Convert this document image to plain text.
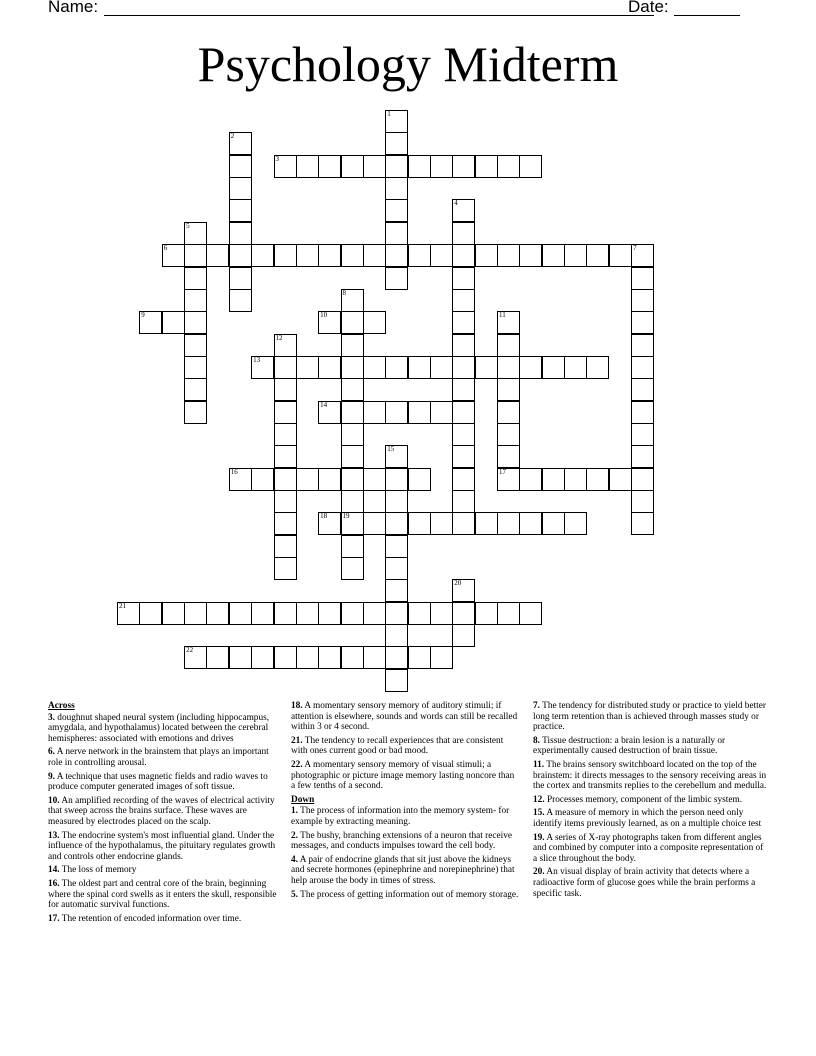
Name:	Date:
Psychology Midterm
1
2
3
4
5
6	7
8
19
9	10	11
12
13
14
15
16	17
18
20
21
22
Across
3. doughnut shaped neural system (including hippocampus, amygdala, and hypothalamus) located between the cerebral hemispheres: associated with emotions and drives
6. A nerve network in the brainstem that plays an important role in controlling arousal.
9. A technique that uses magnetic fields and radio waves to produce computer generated images of soft tissue.
10. An amplified recording of the waves of electrical activity that sweep across the brains surface. These waves are measured by electrodes placed on the scalp.
13. The endocrine system's most influential gland. Under the influence of the hypothalamus, the pituitary regulates growth and controls other endocrine glands.
14. The loss of memory
16. The oldest part and central core of the brain, beginning where the spinal cord swells as it enters the skull, responsible for automatic survival functions.
17. The retention of encoded information over time.
18. A momentary sensory memory of auditory stimuli; if attention is elsewhere, sounds and words can still be recalled within 3 or 4 second.
21. The tendency to recall experiences that are consistent with ones current good or bad mood.
22. A momentary sensory memory of visual stimuli; a photographic or picture image memory lasting noncore than a few tenths of a second.
Down
1. The process of information into the memory system- for example by extracting meaning.
2. The bushy, branching extensions of a neuron that receive messages, and conducts impulses toward the cell body.
4. A pair of endocrine glands that sit just above the kidneys and secrete hormones (epinephrine and norepinephrine) that help arouse the body in times of stress.
5. The process of getting information out of memory storage.
7. The tendency for distributed study or practice to yield better long term retention than is achieved through masses study or practice.
8. Tissue destruction: a brain lesion is a naturally or experimentally caused destruction of brain tissue.
11. The brains sensory switchboard located on the top of the brainstem: it directs messages to the sensory receiving areas in the cortex and transmits replies to the cerebellum and medulla.
12. Processes memory, component of the limbic system.
15. A measure of memory in which the person need only identify items previously learned, as on a multiple choice test
19. A series of X-ray photographs taken from different angles and combined by computer into a composite representation of a slice throughout the body.
20. An visual display of brain activity that detects where a radioactive form of glucose goes while the brain performs a specific task.
